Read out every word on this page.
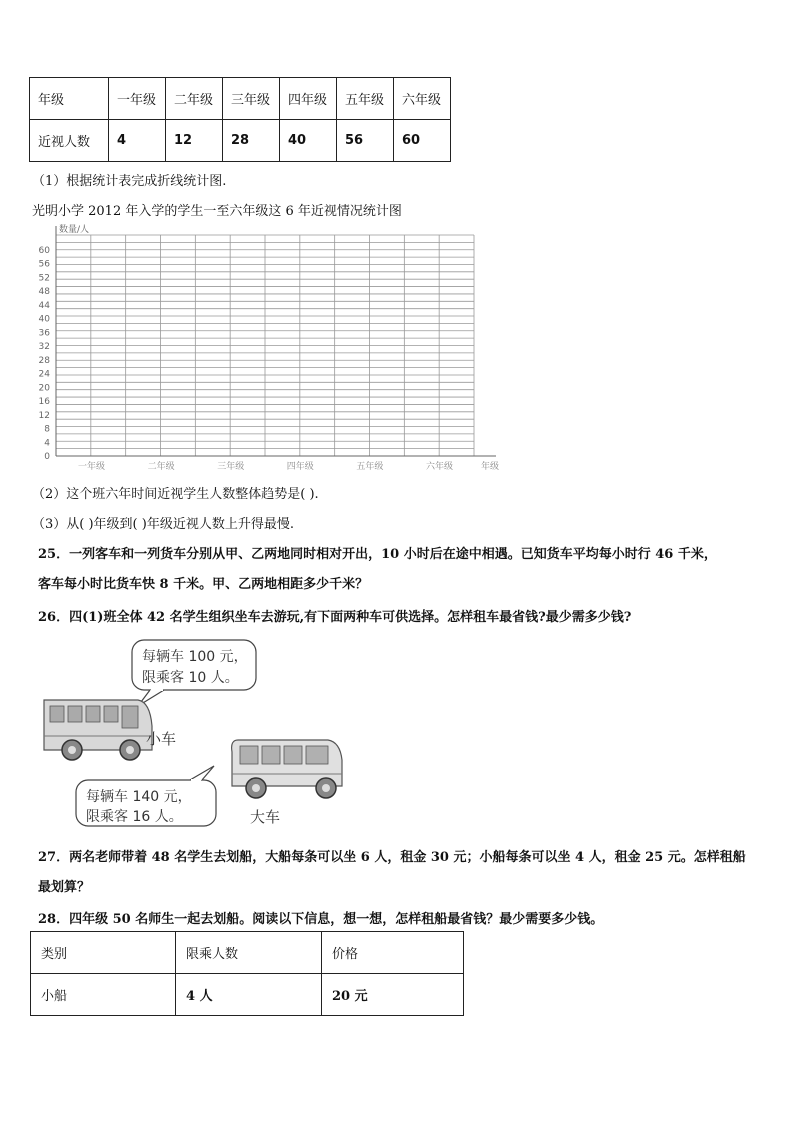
年级	一年级	二年级	三年级	四年级	五年级	六年级
近视人数	4	12	28	40	56	60
（1）根据统计表完成折线统计图.
光明小学 2012 年入学的学生一至六年级这 6 年近视情况统计图
0
4
8
12
16
20
24
28
32
36
40
44
48
52
56
60
一年级	二年级	三年级	四年级	五年级	六年级
数量/人
年级
（2）这个班六年时间近视学生人数整体趋势是( ).
（3）从( )年级到( )年级近视人数上升得最慢.
25．一列客车和一列货车分别从甲、乙两地同时相对开出，10 小时后在途中相遇。已知货车平均每小时行 46 千米，
客车每小时比货车快 8 千米。甲、乙两地相距多少千米？
26．四(1)班全体 42 名学生组织坐车去游玩,有下面两种车可供选择。怎样租车最省钱?最少需多少钱?
每辆车 100 元，
限乘客 10 人。
小车
每辆车 140 元，
限乘客 16 人。	大车
27．两名老师带着 48 名学生去划船，大船每条可以坐 6 人，租金 30 元；小船每条可以坐 4 人，租金 25 元。怎样租船
最划算？
28．四年级 50 名师生一起去划船。阅读以下信息，想一想，怎样租船最省钱？最少需要多少钱。
类别	限乘人数	价格
小船	4 人	20 元
